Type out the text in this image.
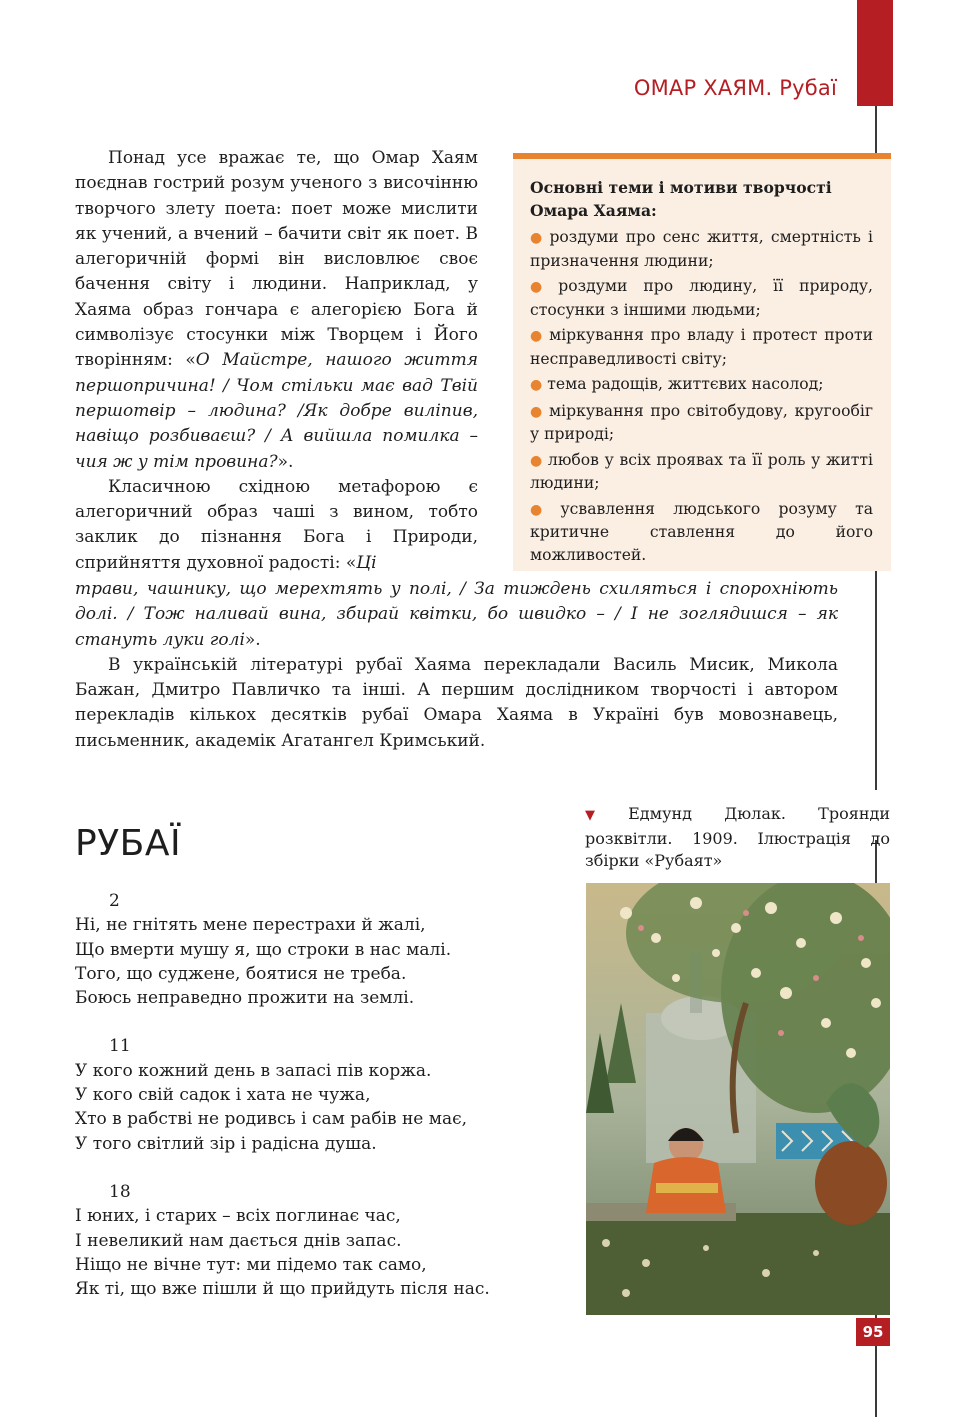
ОМАР ХАЯМ. Рубаї

Понад усе вражає те, що Омар Хаям поєднав гострий розум ученого з височінню творчого злету поета: поет може мислити як учений, а вчений – бачити світ як поет. В алегоричній формі він висловлює своє бачення світу і людини. Наприклад, у Хаяма образ гончара є алегорією Бога й символізує стосунки між Творцем і Його творінням: «О Майстре, нашого життя першопричина! / Чом стільки має вад Твій першотвір – людина? /Як добре виліпив, навіщо розбиваєш? / А вийшла помилка – чия ж у тім провина?».

Класичною східною метафорою є алегоричний образ чаші з вином, тобто заклик до пізнання Бога і Природи, сприйняття духовної радості: «Ці

Основні теми і мотиви творчості Омара Хаяма:
● роздуми про сенс життя, смертність і призначення людини;
● роздуми про людину, її природу, стосунки з іншими людьми;
● міркування про владу і протест проти несправедливості світу;
● тема радощів, життєвих насолод;
● міркування про світобудову, кругообіг у природі;
● любов у всіх проявах та її роль у житті людини;
● усвавлення людського розуму та критичне ставлення до його можливостей.

трави, чашнику, що мерехтять у полі, / За тиждень схиляться і спорохніють долі. / Тож наливай вина, збирай квітки, бо швидко – / І не зоглядишся – як стануть луки голі».

В українській літературі рубаї Хаяма перекладали Василь Мисик, Микола Бажан, Дмитро Павличко та інші. А першим дослідником творчості і автором перекладів кількох десятків рубаї Омара Хаяма в Україні був мовознавець, письменник, академік Агатангел Кримський.

РУБАЇ
2
Ні, не гнітять мене перестрахи й жалі,
Що вмерти мушу я, що строки в нас малі.
Того, що суджене, боятися не треба.
Боюсь неправедно прожити на землі.
11
У кого кожний день в запасі пів коржа.
У кого свій садок і хата не чужа,
Хто в рабстві не родивсь і сам рабів не має,
У того світлий зір і радісна душа.
18
І юних, і старих – всіх поглинає час,
І невеликий нам дається днів запас.
Ніщо не вічне тут: ми підемо так само,
Як ті, що вже пішли й що прийдуть після нас.
▼ Едмунд Дюлак. Троянди розквітли. 1909. Ілюстрація до збірки «Рубаят»
95
